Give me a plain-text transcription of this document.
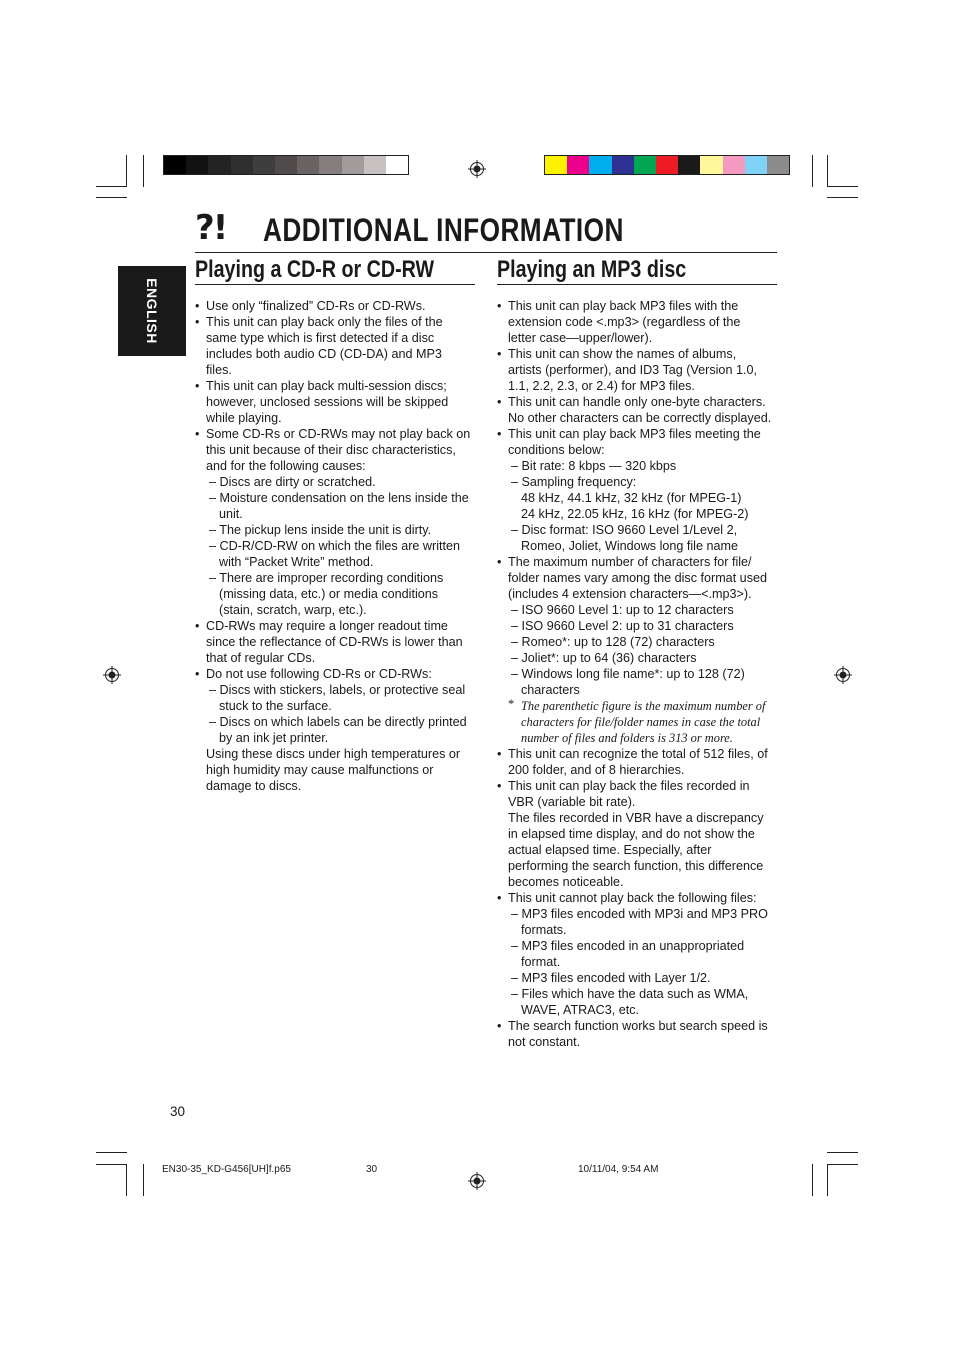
?! ADDITIONAL INFORMATION
ENGLISH
Playing a CD-R or CD-RW	Playing an MP3 disc
• Use only “finalized” CD-Rs or CD-RWs.
• This unit can play back only the files of the
same type which is first detected if a disc
includes both audio CD (CD-DA) and MP3
files.
• This unit can play back multi-session discs;
however, unclosed sessions will be skipped
while playing.
• Some CD-Rs or CD-RWs may not play back on
this unit because of their disc characteristics,
and for the following causes:
– Discs are dirty or scratched.
– Moisture condensation on the lens inside the
unit.
– The pickup lens inside the unit is dirty.
– CD-R/CD-RW on which the files are written
with “Packet Write” method.
– There are improper recording conditions
(missing data, etc.) or media conditions
(stain, scratch, warp, etc.).
• CD-RWs may require a longer readout time
since the reflectance of CD-RWs is lower than
that of regular CDs.
• Do not use following CD-Rs or CD-RWs:
– Discs with stickers, labels, or protective seal
stuck to the surface.
– Discs on which labels can be directly printed
by an ink jet printer.
Using these discs under high temperatures or
high humidity may cause malfunctions or
damage to discs.
• This unit can play back MP3 files with the
extension code <.mp3> (regardless of the
letter case—upper/lower).
• This unit can show the names of albums,
artists (performer), and ID3 Tag (Version 1.0,
1.1, 2.2, 2.3, or 2.4) for MP3 files.
• This unit can handle only one-byte characters.
No other characters can be correctly displayed.
• This unit can play back MP3 files meeting the
conditions below:
– Bit rate: 8 kbps — 320 kbps
– Sampling frequency:
48 kHz, 44.1 kHz, 32 kHz (for MPEG-1)
24 kHz, 22.05 kHz, 16 kHz (for MPEG-2)
– Disc format: ISO 9660 Level 1/Level 2,
Romeo, Joliet, Windows long file name
• The maximum number of characters for file/
folder names vary among the disc format used
(includes 4 extension characters—<.mp3>).
– ISO 9660 Level 1: up to 12 characters
– ISO 9660 Level 2: up to 31 characters
– Romeo*: up to 128 (72) characters
– Joliet*: up to 64 (36) characters
– Windows long file name*: up to 128 (72)
characters
* The parenthetic figure is the maximum number of
characters for file/folder names in case the total
number of files and folders is 313 or more.
• This unit can recognize the total of 512 files, of
200 folder, and of 8 hierarchies.
• This unit can play back the files recorded in
VBR (variable bit rate).
The files recorded in VBR have a discrepancy
in elapsed time display, and do not show the
actual elapsed time. Especially, after
performing the search function, this difference
becomes noticeable.
• This unit cannot play back the following files:
– MP3 files encoded with MP3i and MP3 PRO
formats.
– MP3 files encoded in an unappropriated
format.
– MP3 files encoded with Layer 1/2.
– Files which have the data such as WMA,
WAVE, ATRAC3, etc.
• The search function works but search speed is
not constant.
30
EN30-35_KD-G456[UH]f.p65	30	10/11/04, 9:54 AM
